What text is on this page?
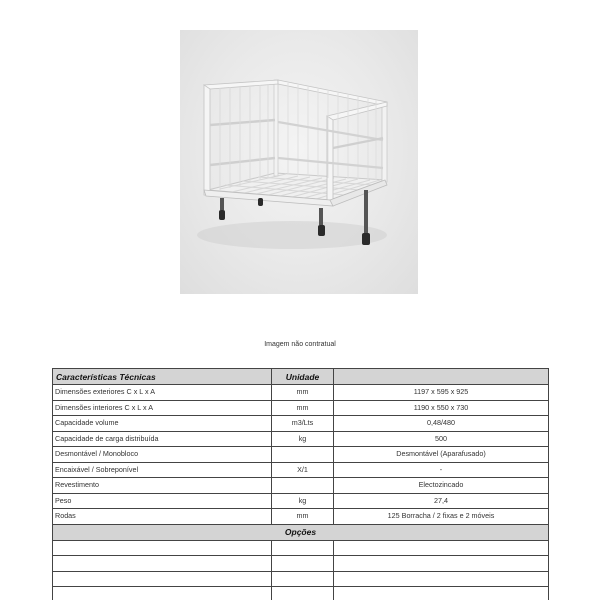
Imagem não contratual
Características Técnicas	Unidade	
Dimensões exteriores C x L x A	mm	1197 x 595 x 925
Dimensões interiores C x L x A	mm	1190 x 550 x 730
Capacidade volume	m3/Lts	0,48/480
Capacidade de carga distribuída	kg	500
Desmontável / Monobloco		Desmontável (Aparafusado)
Encaixável / Sobreponível	X/1	-
Revestimento		Electozincado
Peso	kg	27,4
Rodas	mm	125 Borracha / 2 fixas e 2 móveis
Opções		
